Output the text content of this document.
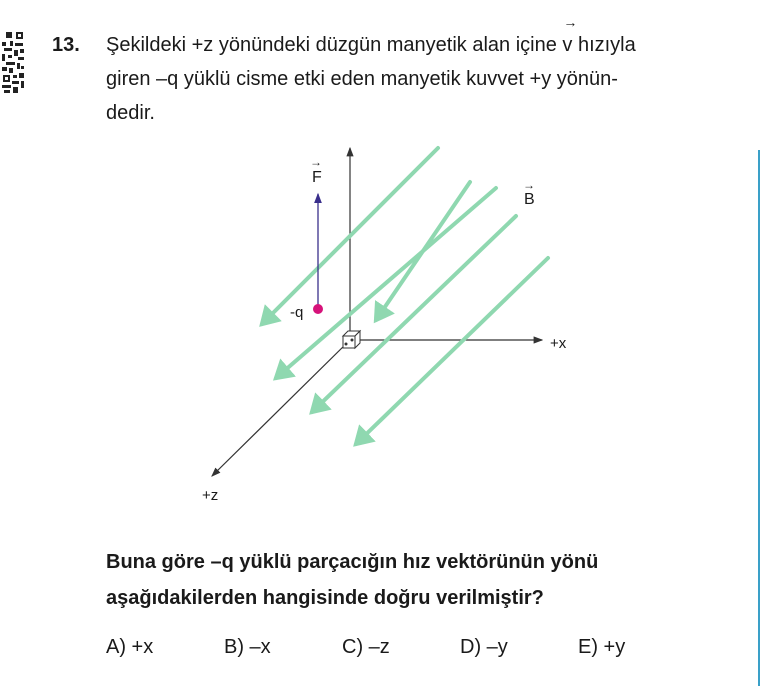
13. Şekildeki +z yönündeki düzgün manyetik alan içine v → hızıyla
giren –q yüklü cisme etki eden manyetik kuvvet +y yönün-
dedir.
F
→
B
→
-q
+x
+z
Buna göre –q yüklü parçacığın hız vektörünün yönü
aşağıdakilerden hangisinde doğru verilmiştir?
A) +x	B) –x	C) –z	D) –y	E) +y
